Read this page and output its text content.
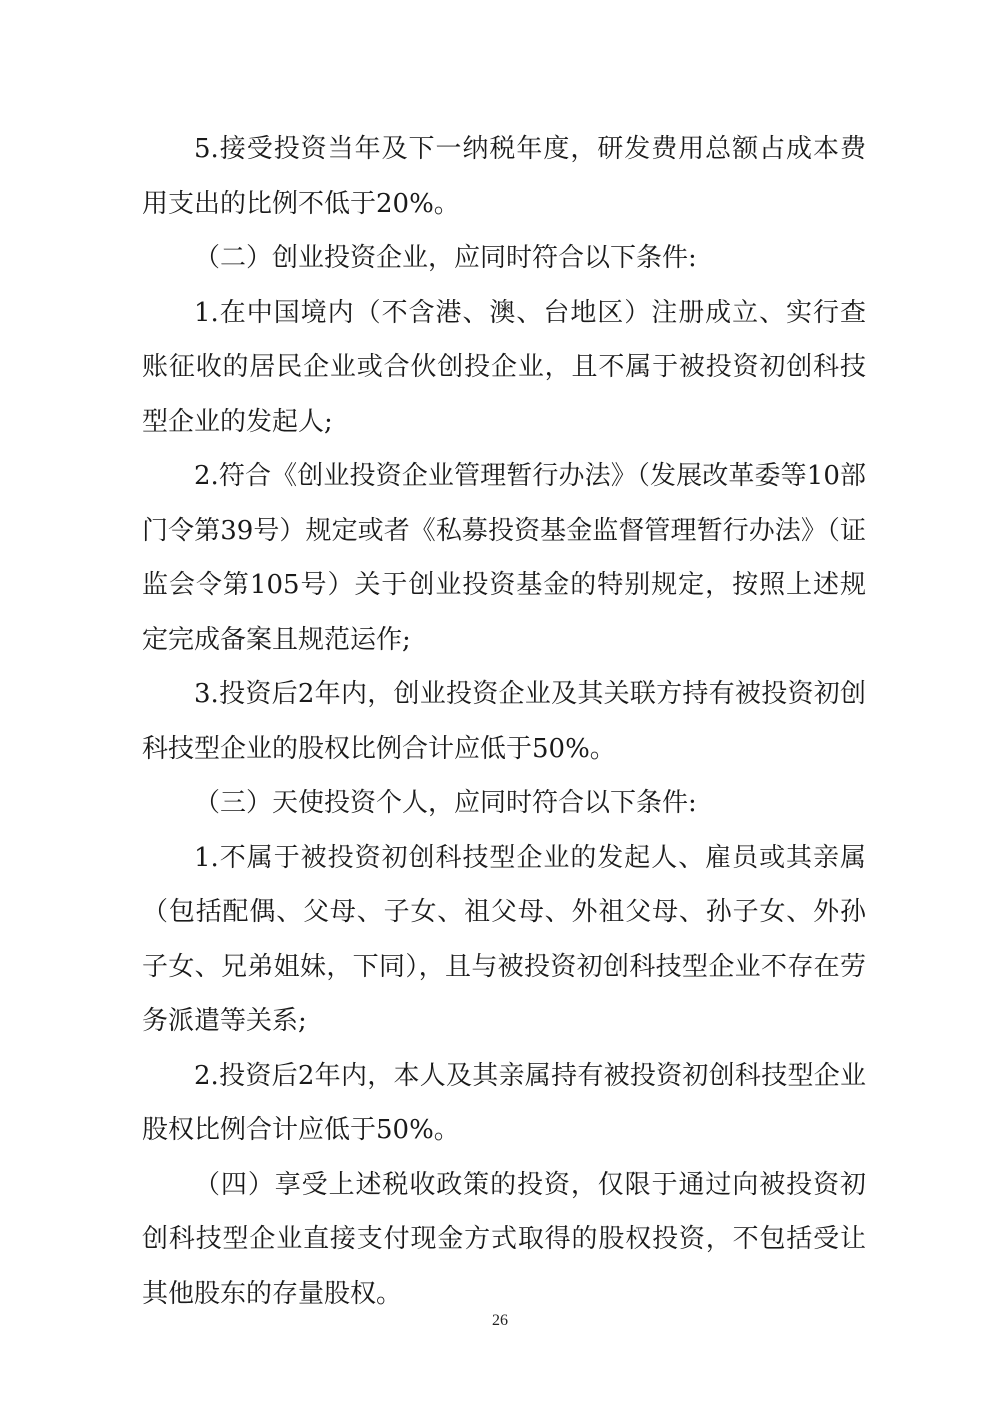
5.接受投资当年及下一纳税年度，研发费用总额占成本费用支出的比例不低于20%。

（二）创业投资企业，应同时符合以下条件:

1.在中国境内（不含港、澳、台地区）注册成立、实行查账征收的居民企业或合伙创投企业，且不属于被投资初创科技型企业的发起人;

2.符合《创业投资企业管理暂行办法》（发展改革委等10部门令第39号）规定或者《私募投资基金监督管理暂行办法》（证监会令第105号）关于创业投资基金的特别规定，按照上述规定完成备案且规范运作;

3.投资后2年内，创业投资企业及其关联方持有被投资初创科技型企业的股权比例合计应低于50%。

（三）天使投资个人，应同时符合以下条件:

1.不属于被投资初创科技型企业的发起人、雇员或其亲属（包括配偶、父母、子女、祖父母、外祖父母、孙子女、外孙子女、兄弟姐妹，下同），且与被投资初创科技型企业不存在劳务派遣等关系;

2.投资后2年内，本人及其亲属持有被投资初创科技型企业股权比例合计应低于50%。

（四）享受上述税收政策的投资，仅限于通过向被投资初创科技型企业直接支付现金方式取得的股权投资，不包括受让其他股东的存量股权。

26
